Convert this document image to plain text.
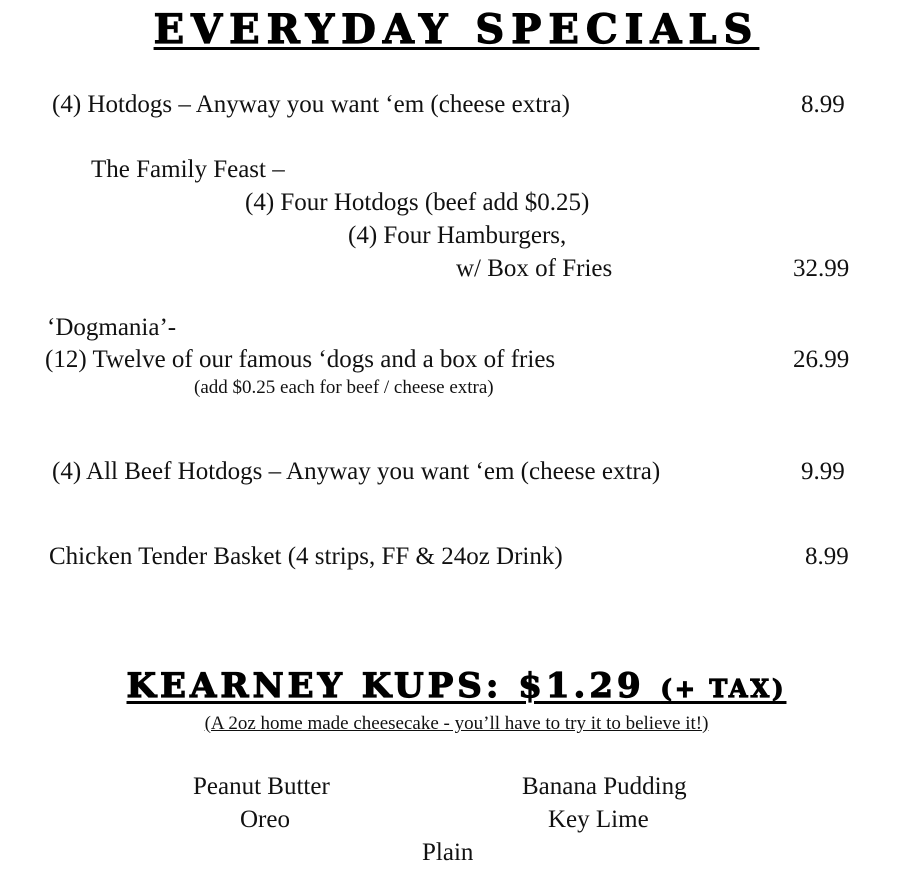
EVERYDAY SPECIALS
(4) Hotdogs – Anyway you want ‘em (cheese extra)	8.99
The Family Feast –
(4) Four Hotdogs (beef add $0.25)
(4) Four Hamburgers,
w/ Box of Fries	32.99
‘Dogmania’-
(12) Twelve of our famous ‘dogs and a box of fries	26.99
(add $0.25 each for beef / cheese extra)
(4) All Beef Hotdogs – Anyway you want ‘em (cheese extra)	9.99
Chicken Tender Basket (4 strips, FF & 24oz Drink)	8.99
KEARNEY KUPS: $1.29 (+ TAX)
(A 2oz home made cheesecake - you’ll have to try it to believe it!)
Peanut Butter	Banana Pudding
Oreo	Key Lime
Plain
